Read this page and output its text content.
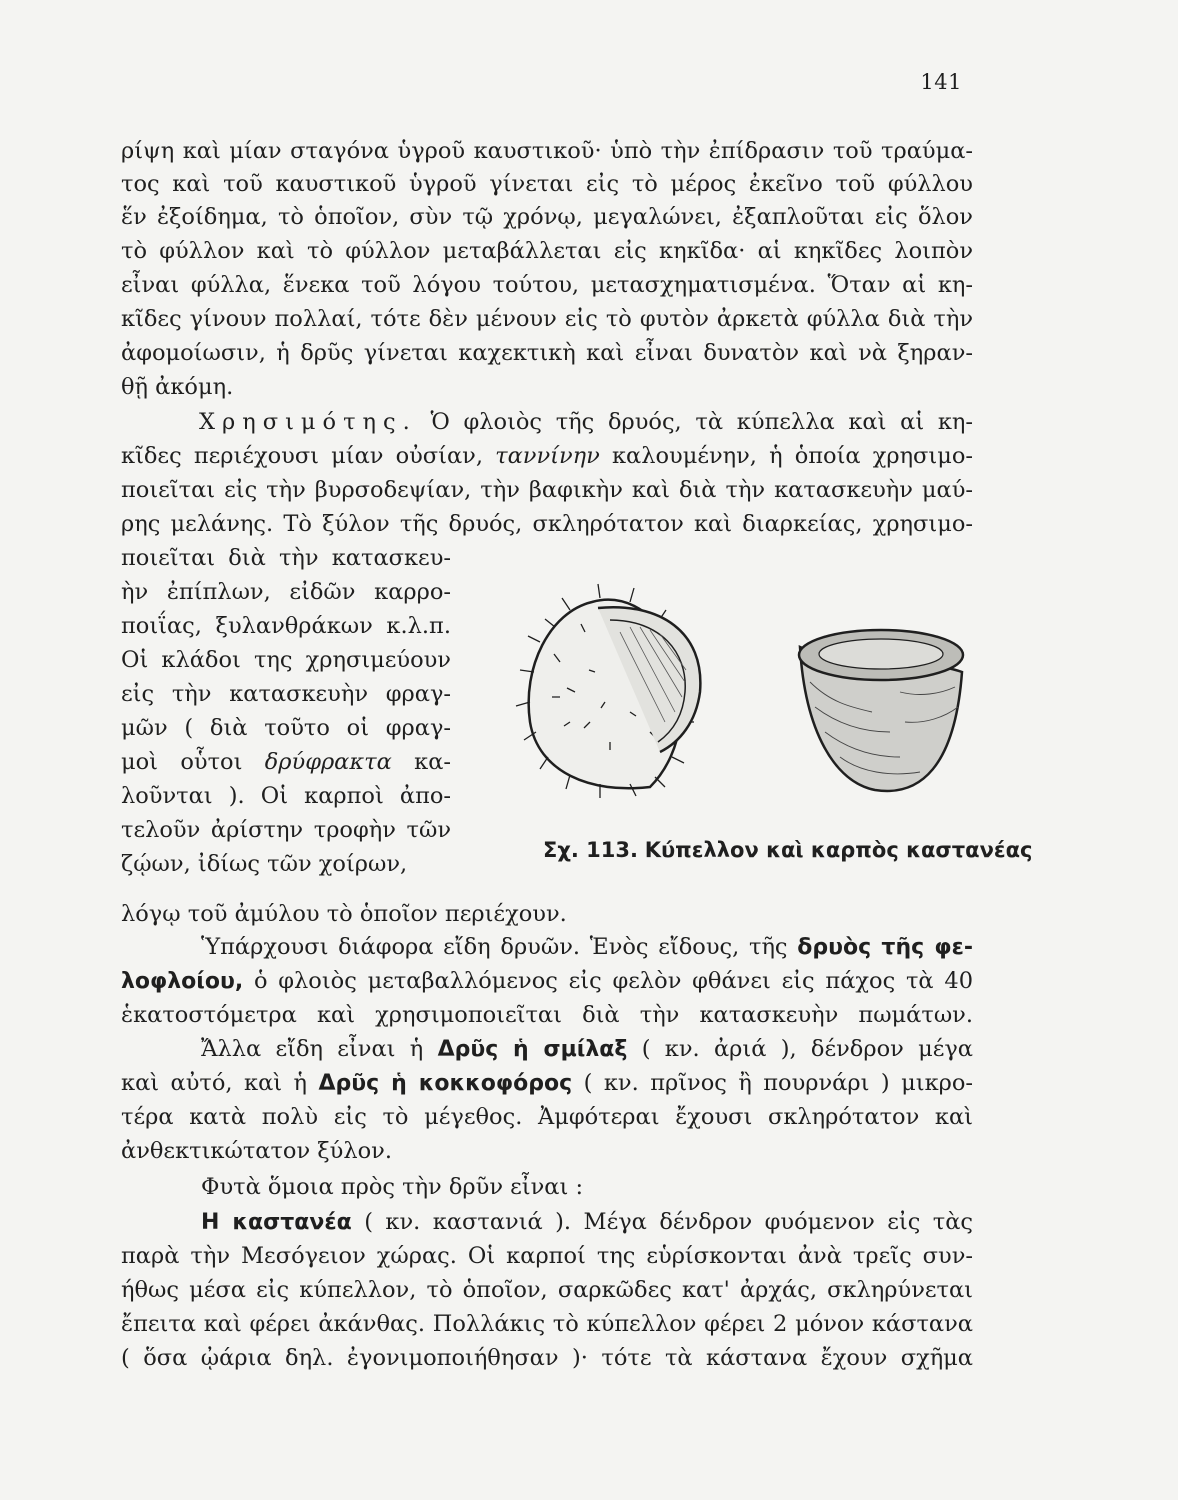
141
ρίψη καὶ μίαν σταγόνα ὑγροῦ καυστικοῦ· ὑπὸ τὴν ἐπίδρασιν τοῦ τραύμα-
τος καὶ τοῦ καυστικοῦ ὑγροῦ γίνεται εἰς τὸ μέρος ἐκεῖνο τοῦ φύλλου
ἕν ἐξοίδημα, τὸ ὁποῖον, σὺν τῷ χρόνῳ, μεγαλώνει, ἐξαπλοῦται εἰς ὅλον
τὸ φύλλον καὶ τὸ φύλλον μεταβάλλεται εἰς κηκῖδα· αἱ κηκῖδες λοιπὸν
εἶναι φύλλα, ἕνεκα τοῦ λόγου τούτου, μετασχηματισμένα. Ὅταν αἱ κη-
κῖδες γίνουν πολλαί, τότε δὲν μένουν εἰς τὸ φυτὸν ἀρκετὰ φύλλα διὰ τὴν
ἀφομοίωσιν, ἡ δρῦς γίνεται καχεκτικὴ καὶ εἶναι δυνατὸν καὶ νὰ ξηραν-
θῇ ἀκόμη.
Χρησιμότης. Ὁ φλοιὸς τῆς δρυός, τὰ κύπελλα καὶ αἱ κη-
κῖδες περιέχουσι μίαν οὐσίαν, ταννίνην καλουμένην, ἡ ὁποία χρησιμο-
ποιεῖται εἰς τὴν βυρσοδεψίαν, τὴν βαφικὴν καὶ διὰ τὴν κατασκευὴν μαύ-
ρης μελάνης. Τὸ ξύλον τῆς δρυός, σκληρότατον καὶ διαρκείας, χρησιμο-
ποιεῖται διὰ τὴν κατασκευ-
ὴν ἐπίπλων, εἰδῶν καρρο-
ποιΐας, ξυλανθράκων κ.λ.π.
Οἱ κλάδοι της χρησιμεύουν
εἰς τὴν κατασκευὴν φραγ-
μῶν ( διὰ τοῦτο οἱ φραγ-
μοὶ οὗτοι δρύφρακτα κα-
λοῦνται ). Οἱ καρποὶ ἀπο-
τελοῦν ἀρίστην τροφὴν τῶν
ζῴων, ἰδίως τῶν χοίρων,
Σχ. 113. Κύπελλον καὶ καρπὸς καστανέας
λόγῳ τοῦ ἀμύλου τὸ ὁποῖον περιέχουν.
Ὑπάρχουσι διάφορα εἴδη δρυῶν. Ἑνὸς εἴδους, τῆς δρυὸς τῆς φε-
λοφλοίου, ὁ φλοιὸς μεταβαλλόμενος εἰς φελὸν φθάνει εἰς πάχος τὰ 40
ἑκατοστόμετρα καὶ χρησιμοποιεῖται διὰ τὴν κατασκευὴν πωμάτων.
Ἄλλα εἴδη εἶναι ἡ Δρῦς ἡ σμίλαξ ( κν. ἀριά ), δένδρον μέγα
καὶ αὐτό, καὶ ἡ Δρῦς ἡ κοκκοφόρος ( κν. πρῖνος ἢ πουρνάρι ) μικρο-
τέρα κατὰ πολὺ εἰς τὸ μέγεθος. Ἀμφότεραι ἔχουσι σκληρότατον καὶ
ἀνθεκτικώτατον ξύλον.
Φυτὰ ὅμοια πρὸς τὴν δρῦν εἶναι :
Η καστανέα ( κν. καστανιά ). Μέγα δένδρον φυόμενον εἰς τὰς
παρὰ τὴν Μεσόγειον χώρας. Οἱ καρποί της εὑρίσκονται ἀνὰ τρεῖς συν-
ήθως μέσα εἰς κύπελλον, τὸ ὁποῖον, σαρκῶδες κατ' ἀρχάς, σκληρύνεται
ἔπειτα καὶ φέρει ἀκάνθας. Πολλάκις τὸ κύπελλον φέρει 2 μόνον κάστανα
( ὅσα ᾠάρια δηλ. ἐγονιμοποιήθησαν )· τότε τὰ κάστανα ἔχουν σχῆμα
